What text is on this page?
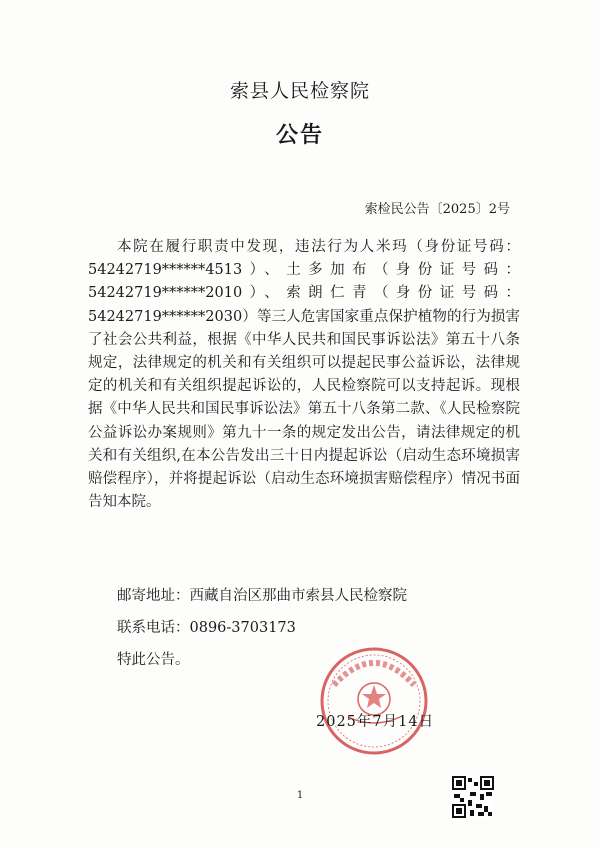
索县人民检察院
公告
索检民公告〔2025〕2号

本院在履行职责中发现，违法行为人米玛（身份证号码：54242719******4513）、土多加布（身份证号码：54242719******2010）、索朗仁青（身份证号码：54242719******2030）等三人危害国家重点保护植物的行为损害了社会公共利益，根据《中华人民共和国民事诉讼法》第五十八条规定，法律规定的机关和有关组织可以提起民事公益诉讼，法律规定的机关和有关组织提起诉讼的，人民检察院可以支持起诉。现根据《中华人民共和国民事诉讼法》第五十八条第二款、《人民检察院公益诉讼办案规则》第九十一条的规定发出公告，请法律规定的机关和有关组织,在本公告发出三十日内提起诉讼（启动生态环境损害赔偿程序），并将提起诉讼（启动生态环境损害赔偿程序）情况书面告知本院。

邮寄地址：西藏自治区那曲市索县人民检察院
联系电话：0896-3703173
特此公告。
2025年7月14日
1
